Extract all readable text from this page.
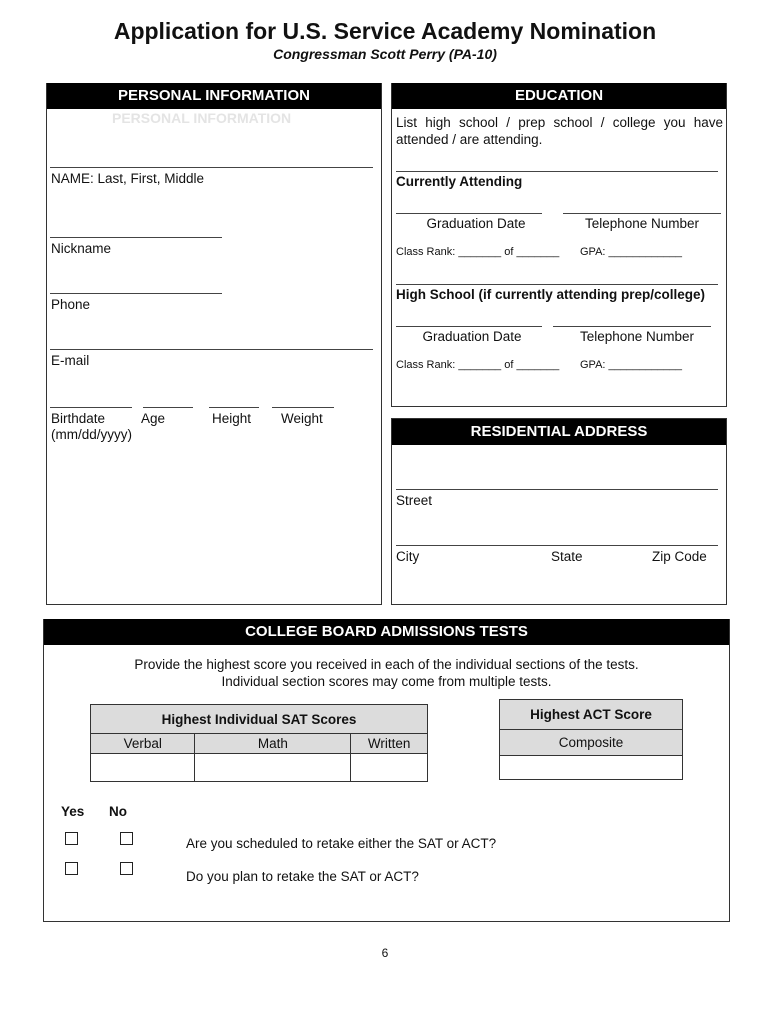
Application for U.S. Service Academy Nomination
Congressman Scott Perry (PA-10)
PERSONAL INFORMATION
PERSONAL INFORMATION
NAME: Last, First, Middle
Nickname
Phone
E-mail
Birthdate
(mm/dd/yyyy)
Age	Height Weight
EDUCATION
List high school / prep school / college you have attended / are attending.
Currently Attending
Graduation Date	Telephone Number
Class Rank: _______ of _______ GPA: ____________
High School (if currently attending prep/college)
Graduation Date	Telephone Number
Class Rank: _______ of _______ GPA: ____________
RESIDENTIAL ADDRESS
Street
City	State	Zip Code
COLLEGE BOARD ADMISSIONS TESTS
Provide the highest score you received in each of the individual sections of the tests.
Individual section scores may come from multiple tests.
Highest Individual SAT Scores		
Verbal	Math	Written

Highest ACT Score
Composite

Yes No
Are you scheduled to retake either the SAT or ACT?
Do you plan to retake the SAT or ACT?
6
